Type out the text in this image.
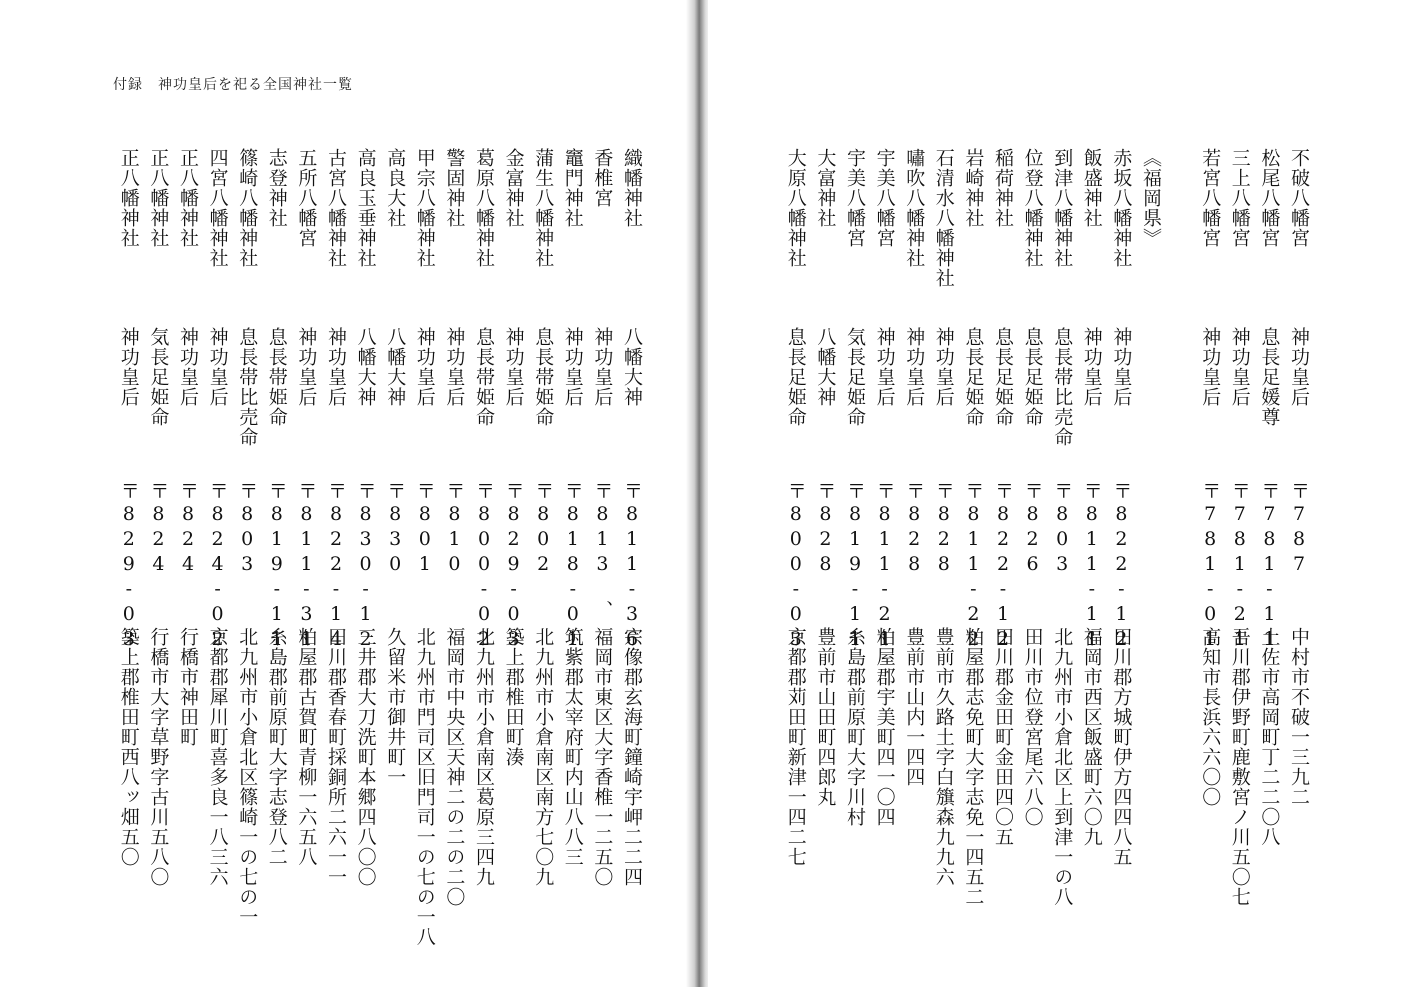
付録　神功皇后を祀る全国神社一覧
織幡神社
八幡大神
〒811-36
宗像郡玄海町鐘崎宇岬二二四
香椎宮
神功皇后
〒813　、
福岡市東区大字香椎一二五〇
竈門神社
神功皇后
〒818-01
筑紫郡太宰府町内山八八三
蒲生八幡神社
息長帯姫命
〒802
北九州市小倉南区南方七〇九
金富神社
神功皇后
〒829-03
築上郡椎田町湊
葛原八幡神社
息長帯姫命
〒800-02
北九州市小倉南区葛原三四九
警固神社
神功皇后
〒810
福岡市中央区天神二の二の二〇
甲宗八幡神社
神功皇后
〒801
北九州市門司区旧門司一の七の一八
高良大社
八幡大神
〒830
久留米市御井町一
高良玉垂神社
八幡大神
〒830-12
三井郡大刀洗町本郷四八〇〇
古宮八幡神社
神功皇后
〒822-14
田川郡香春町採銅所二六一一
五所八幡宮
神功皇后
〒811-31
粕屋郡古賀町青柳一六五八
志登神社
息長帯姫命
〒819-11
糸島郡前原町大字志登八二
篠崎八幡神社
息長帯比売命
〒803
北九州市小倉北区篠崎一の七の一
四宮八幡神社
神功皇后
〒824-02
京都郡犀川町喜多良一八三六
正八幡神社
神功皇后
〒824
行橋市神田町
正八幡神社
気長足姫命
〒824
行橋市大字草野字古川五八〇
正八幡神社
神功皇后
〒829-03
築上郡椎田町西八ッ畑五〇
不破八幡宮
神功皇后
〒787
中村市不破一三九二
松尾八幡宮
息長足媛尊
〒781-11
土佐市高岡町丁二二〇八
三上八幡宮
神功皇后
〒781-21
吾川郡伊野町鹿敷宮ノ川五〇七
若宮八幡宮
神功皇后
〒781-01
高知市長浜六六〇〇
《福岡県》
赤坂八幡神社
神功皇后
〒822-12
田川郡方城町伊方四四八五
飯盛神社
神功皇后
〒811-11
福岡市西区飯盛町六〇九
到津八幡神社
息長帯比売命
〒803
北九州市小倉北区上到津一の八
位登八幡神社
息長足姫命
〒826
田川市位登宮尾六八〇
稲荷神社
息長足姫命
〒822-12
田川郡金田町金田四〇五
岩崎神社
息長足姫命
〒811-22
粕屋郡志免町大字志免一四五二
石清水八幡神社
神功皇后
〒828
豊前市久路土字白籏森九九六
嘯吹八幡神社
神功皇后
〒828
豊前市山内一四四
宇美八幡宮
神功皇后
〒811-21
粕屋郡宇美町四一〇四
宇美八幡宮
気長足姫命
〒819-11
糸島郡前原町大字川村
大富神社
八幡大神
〒828
豊前市山田町四郎丸
大原八幡神社
息長足姫命
〒800-03
京都郡苅田町新津一四二七
